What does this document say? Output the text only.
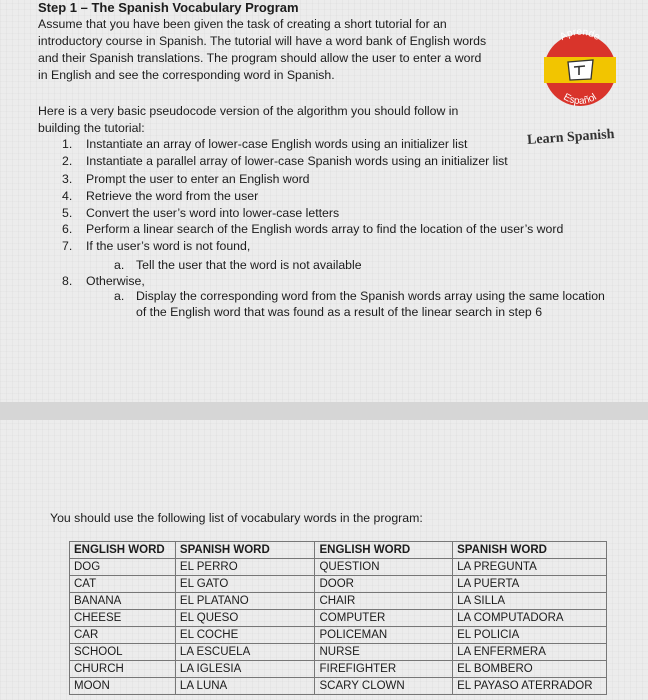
Step 1 – The Spanish Vocabulary Program
Assume that you have been given the task of creating a short tutorial for an
introductory course in Spanish. The tutorial will have a word bank of English words
and their Spanish translations. The program should allow the user to enter a word
in English and see the corresponding word in Spanish.
Here is a very basic pseudocode version of the algorithm you should follow in
building the tutorial:
1. Instantiate an array of lower-case English words using an initializer list
2. Instantiate a parallel array of lower-case Spanish words using an initializer list
3. Prompt the user to enter an English word
4. Retrieve the word from the user
5. Convert the user’s word into lower-case letters
6. Perform a linear search of the English words array to find the location of the user’s word
7. If the user’s word is not found,
a. Tell the user that the word is not available
8. Otherwise,
a. Display the corresponding word from the Spanish words array using the same location
of the English word that was found as a result of the linear search in step 6
Aprende
Español
Learn Spanish
You should use the following list of vocabulary words in the program:
ENGLISH WORD	SPANISH WORD	ENGLISH WORD	SPANISH WORD
DOG	EL PERRO	QUESTION	LA PREGUNTA
CAT	EL GATO	DOOR	LA PUERTA
BANANA	EL PLATANO	CHAIR	LA SILLA
CHEESE	EL QUESO	COMPUTER	LA COMPUTADORA
CAR	EL COCHE	POLICEMAN	EL POLICIA
SCHOOL	LA ESCUELA	NURSE	LA ENFERMERA
CHURCH	LA IGLESIA	FIREFIGHTER	EL BOMBERO
MOON	LA LUNA	SCARY CLOWN	EL PAYASO ATERRADOR
